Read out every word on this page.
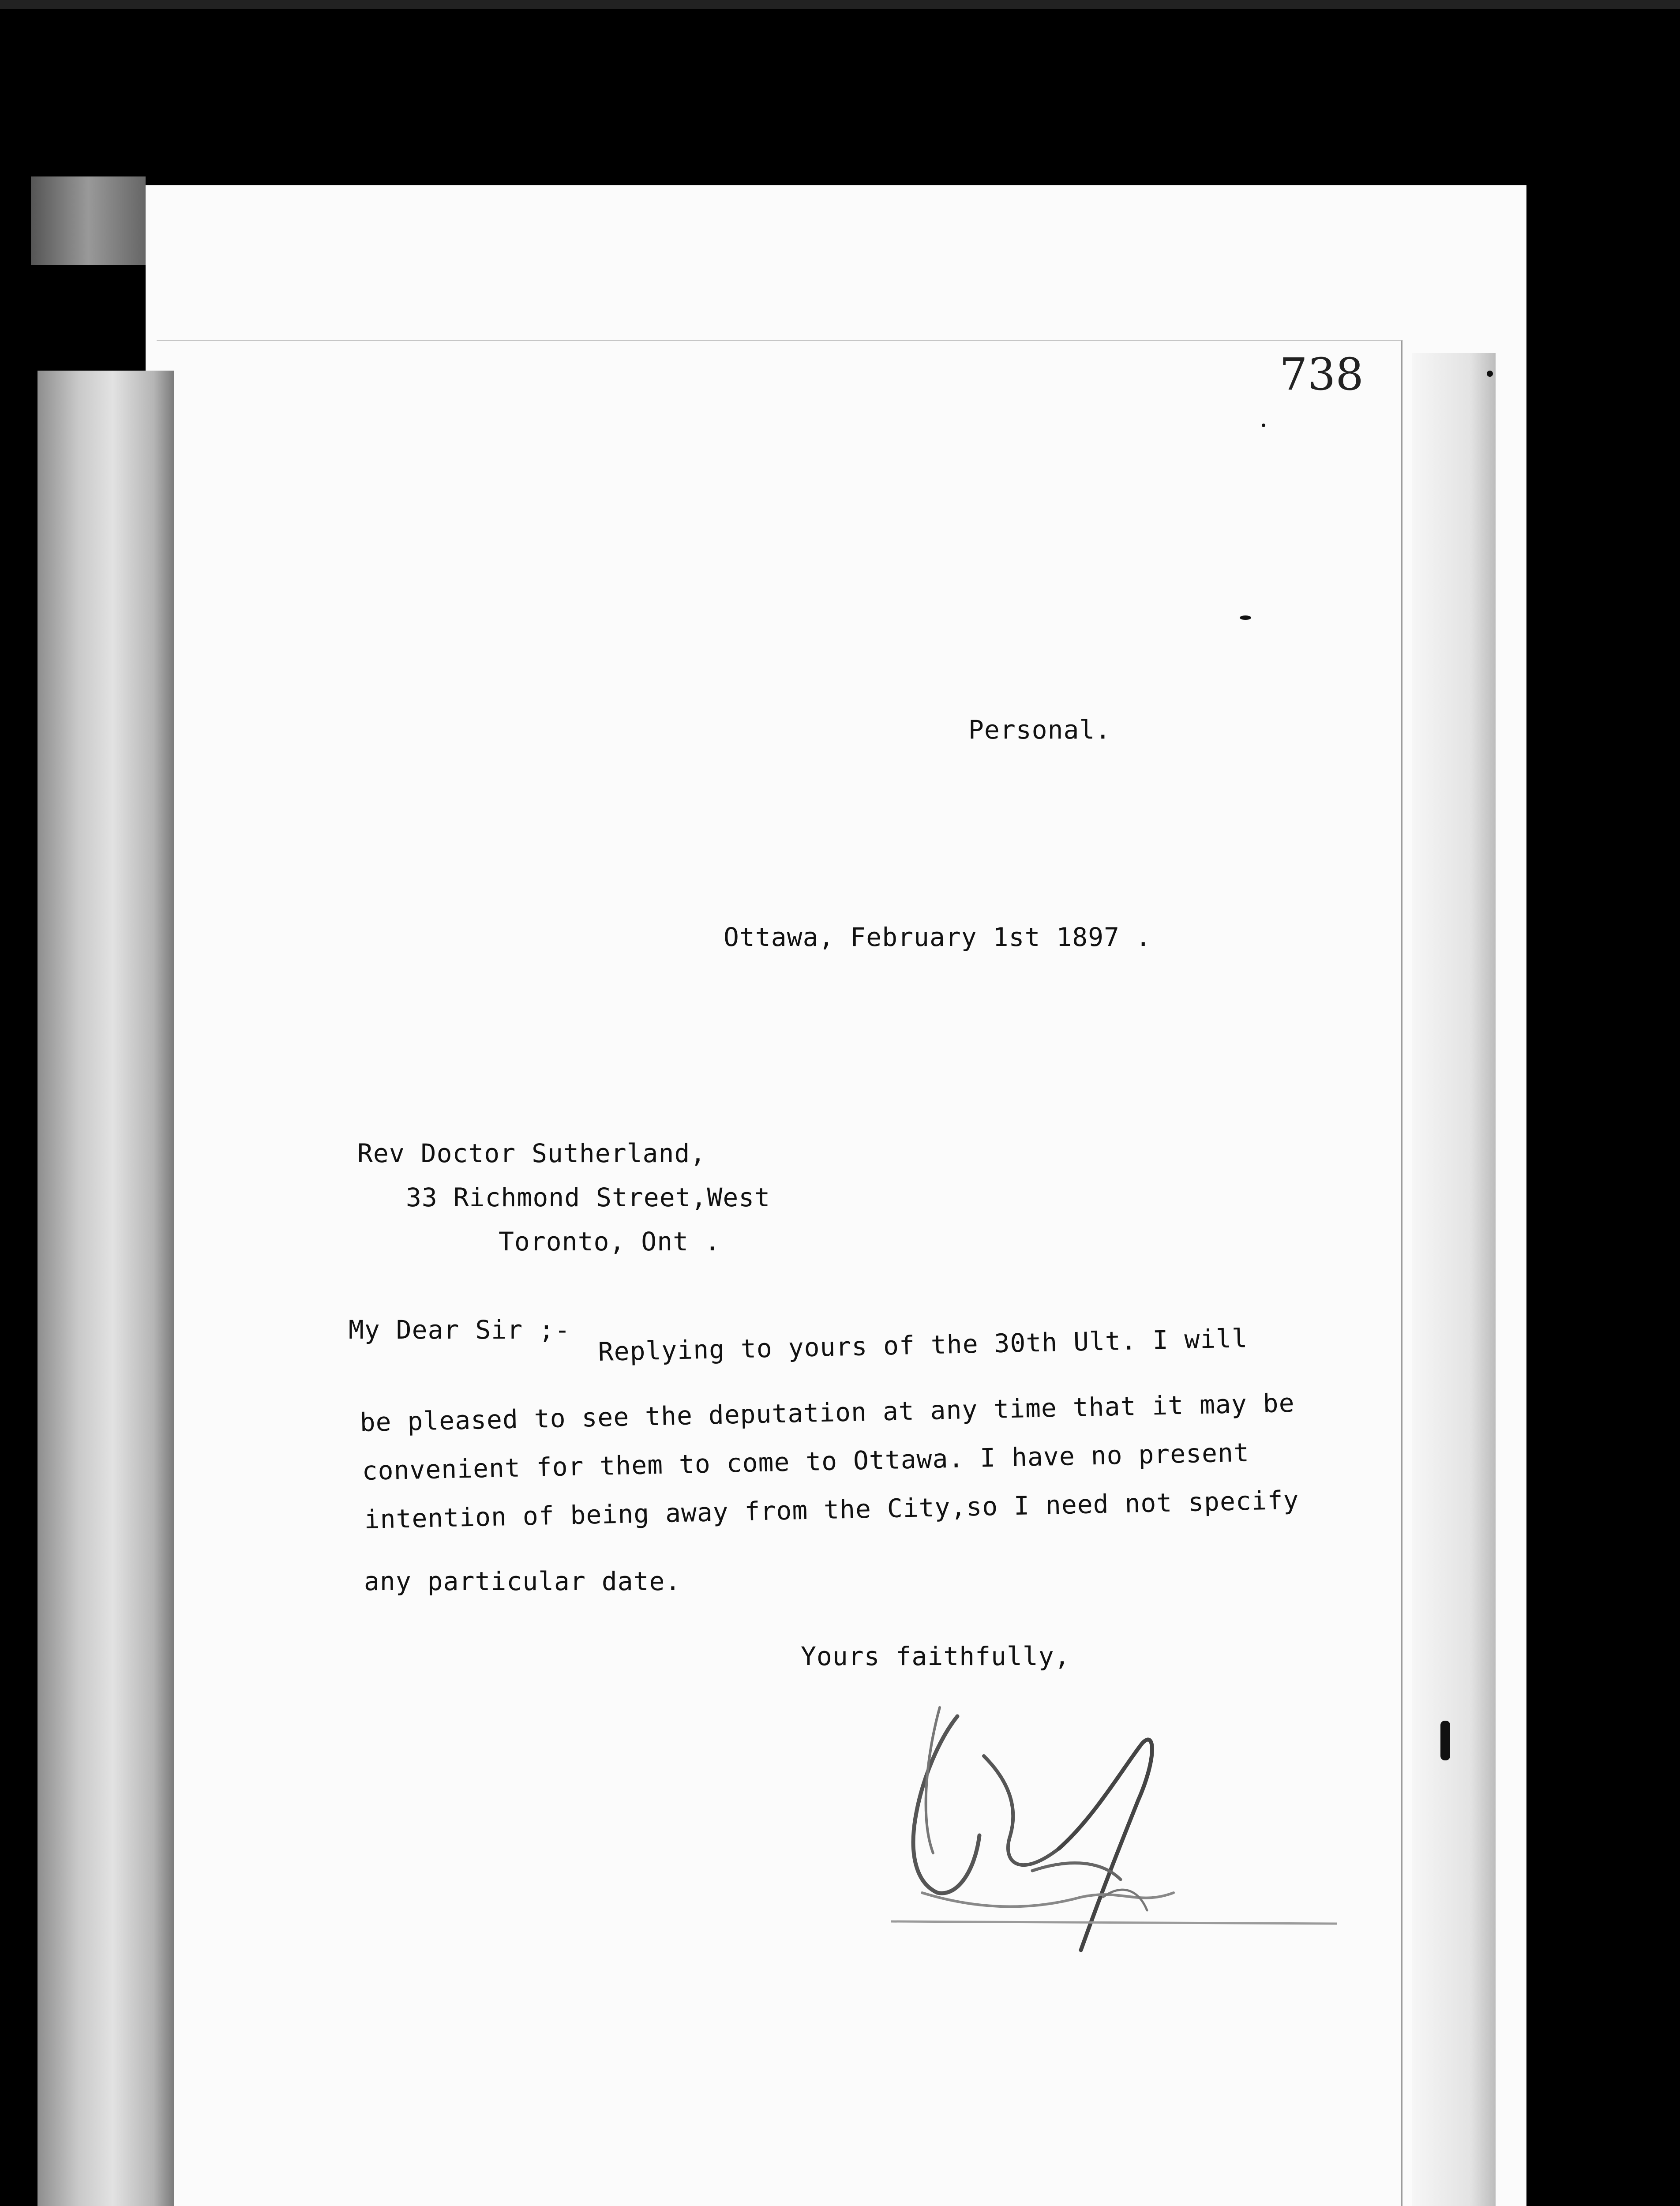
738
Personal.
Ottawa, February 1st 1897 .
Rev Doctor Sutherland,
33 Richmond Street,West
Toronto, Ont .
My Dear Sir ;- Replying to yours of the 30th Ult. I will
be pleased to see the deputation at any time that it may be
convenient for them to come to Ottawa. I have no present
intention of being away from the City,so I need not specify
any particular date.
Yours faithfully,
